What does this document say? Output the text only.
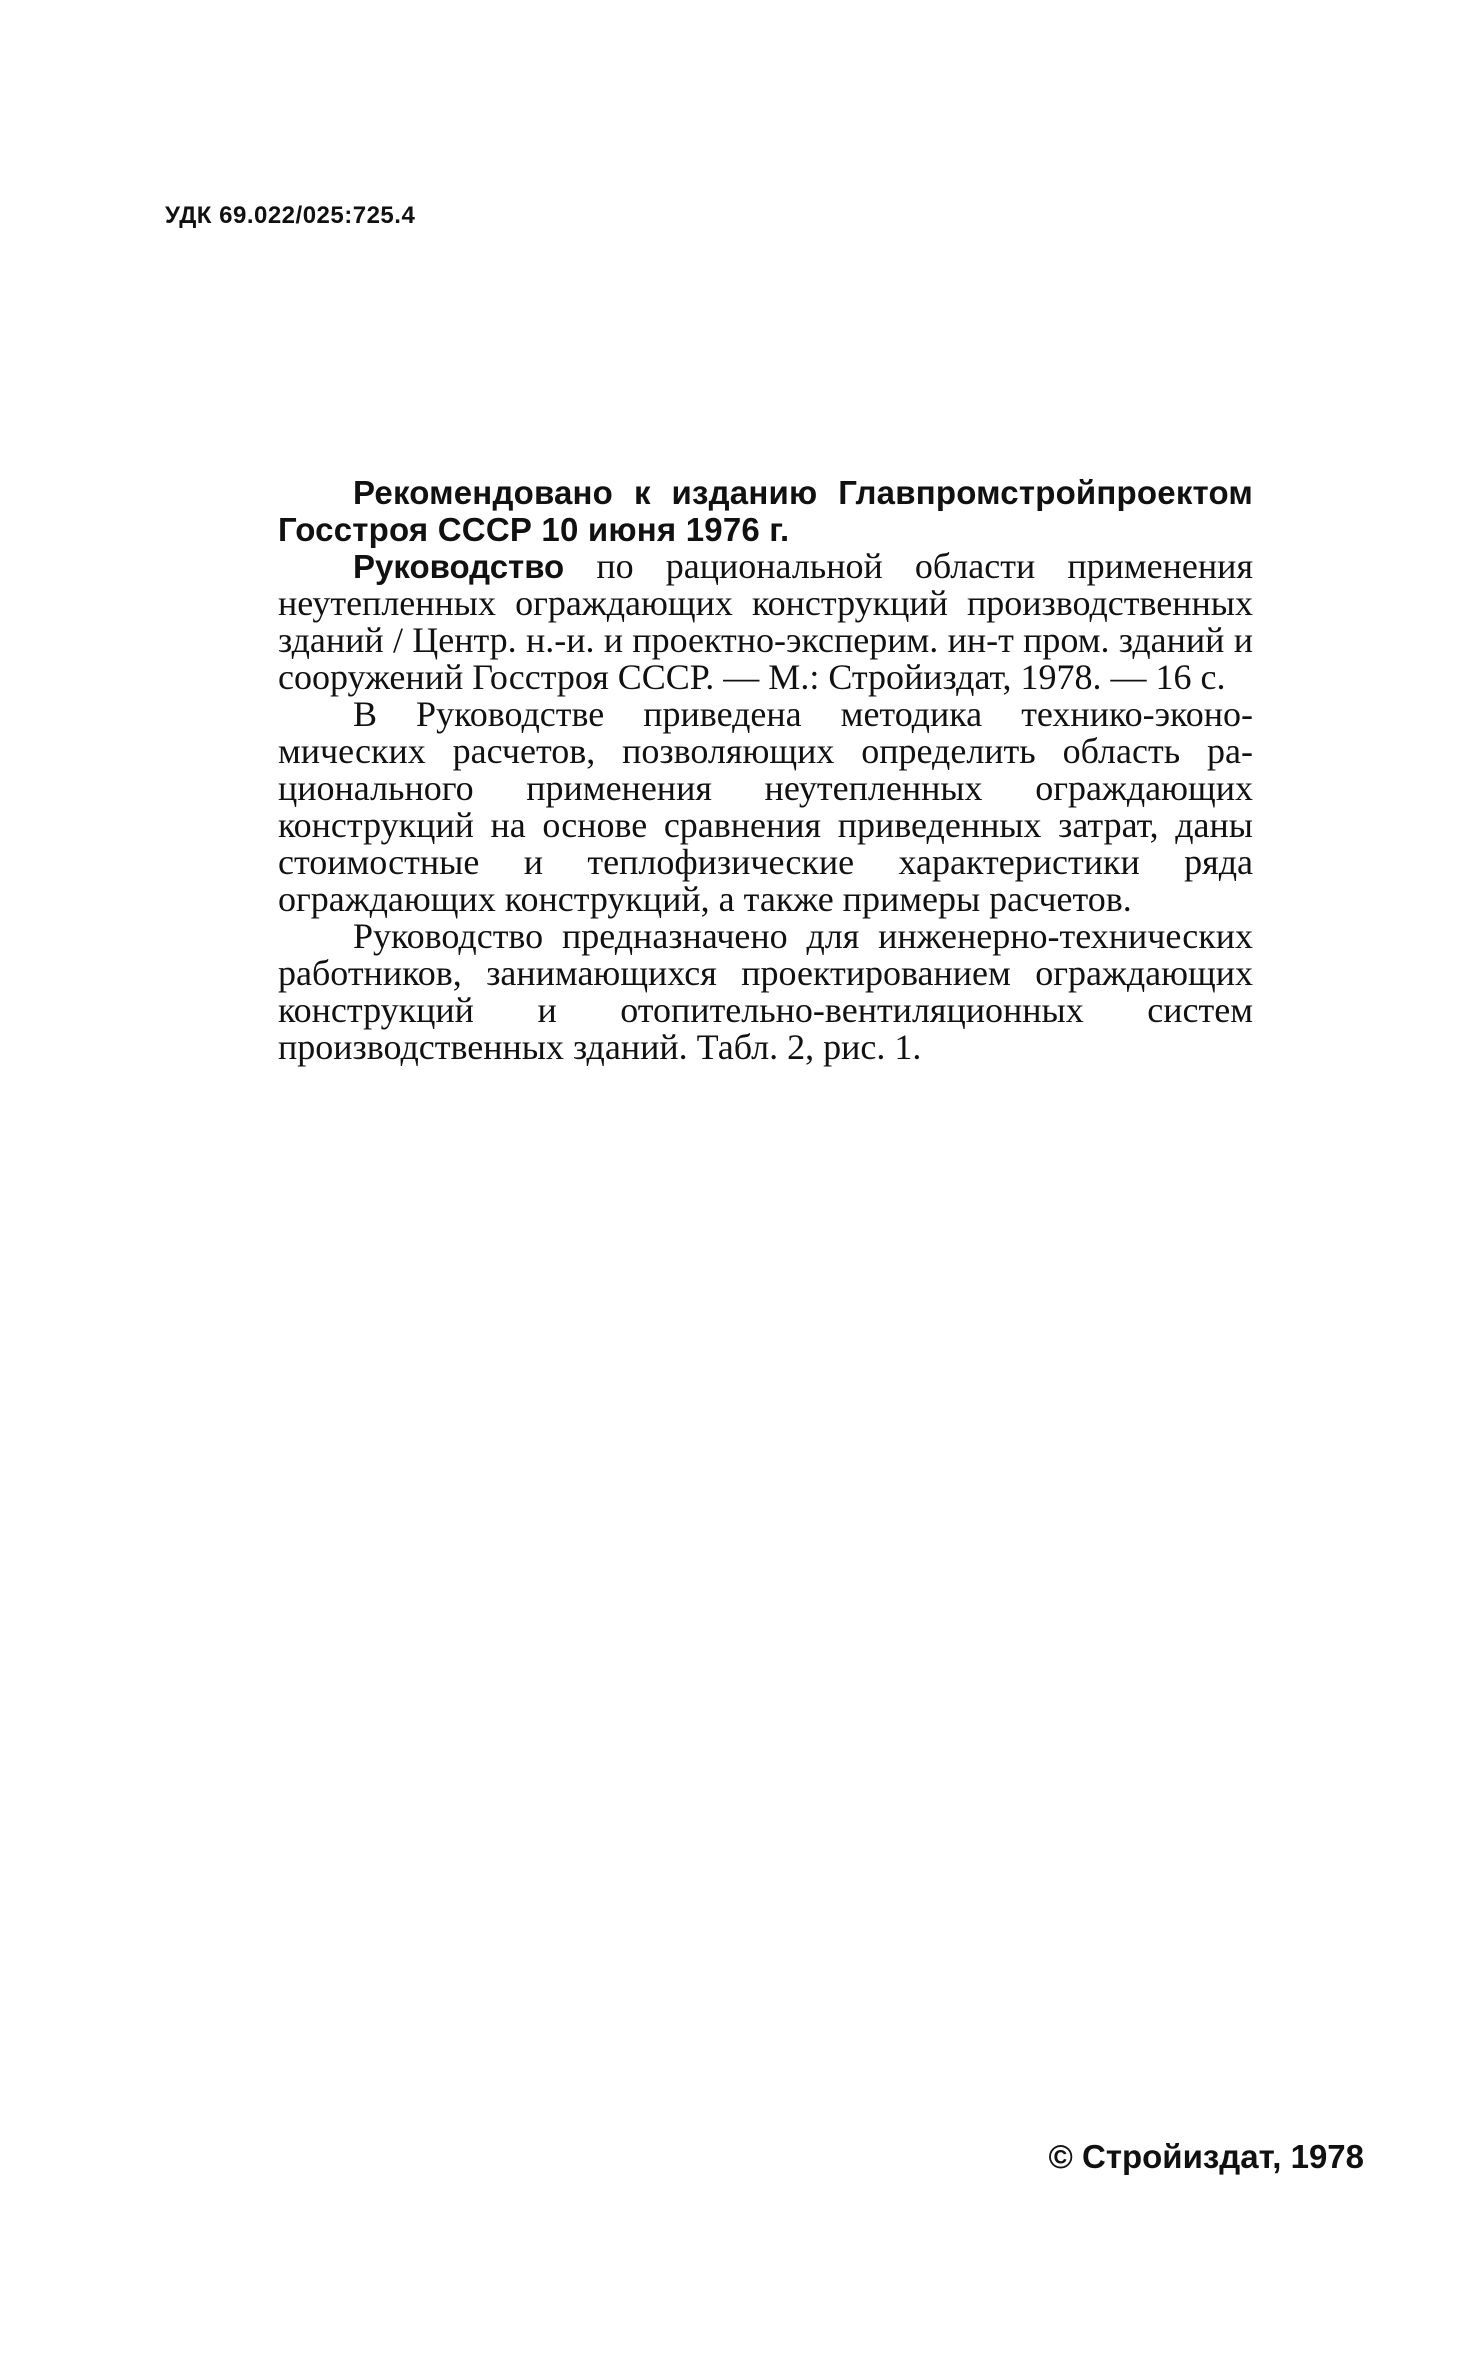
УДК 69.022/025:725.4

Рекомендовано к изданию Главпромстройпроектом Госстроя СССР 10 июня 1976 г.

Руководство по рациональной области применения неутепленных ограждающих конструкций производственных зданий / Центр. н.-и. и проектно-эксперим. ин-т пром. зданий и сооружений Госстроя СССР. — М.: Стройиздат, 1978. — 16 с.

В Руководстве приведена методика технико-экономических расчетов, позволяющих определить область рационального применения неутепленных ограждающих конструкций на основе сравнения приведенных затрат, даны стоимостные и теплофизические характеристики ряда ограждающих конструкций, а также примеры расчетов.

Руководство предназначено для инженерно-технических работников, занимающихся проектированием ограждающих конструкций и отопительно-вентиляционных систем производственных зданий. Табл. 2, рис. 1.

© Стройиздат, 1978
